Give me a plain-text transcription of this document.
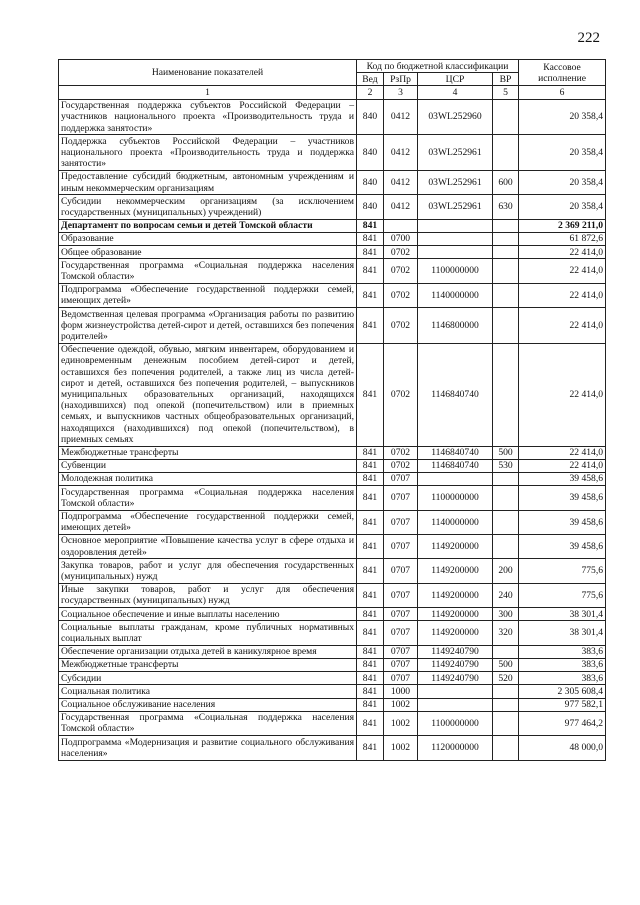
222
Наименование показателей	Код по бюджетной классификации				Кассовое исполнение
	Вед	РзПр	ЦСР	ВР	
1	2	3	4	5	6
Государственная поддержка субъектов Российской Федерации – участников национального проекта «Производительность труда и поддержка занятости»	840	0412	03WL252960		20 358,4
Поддержка субъектов Российской Федерации – участников национального проекта «Производительность труда и поддержка занятости»	840	0412	03WL252961		20 358,4
Предоставление субсидий бюджетным, автономным учреждениям и иным некоммерческим организациям	840	0412	03WL252961	600	20 358,4
Субсидии некоммерческим организациям (за исключением государственных (муниципальных) учреждений)	840	0412	03WL252961	630	20 358,4
Департамент по вопросам семьи и детей Томской области	841				2 369 211,0
Образование	841	0700			61 872,6
Общее образование	841	0702			22 414,0
Государственная программа «Социальная поддержка населения Томской области»	841	0702	1100000000		22 414,0
Подпрограмма «Обеспечение государственной поддержки семей, имеющих детей»	841	0702	1140000000		22 414,0
Ведомственная целевая программа «Организация работы по развитию форм жизнеустройства детей-сирот и детей, оставшихся без попечения родителей»	841	0702	1146800000		22 414,0
Обеспечение одеждой, обувью, мягким инвентарем, оборудованием и единовременным денежным пособием детей-сирот и детей, оставшихся без попечения родителей, а также лиц из числа детей-сирот и детей, оставшихся без попечения родителей, – выпускников муниципальных образовательных организаций, находящихся (находившихся) под опекой (попечительством) или в приемных семьях, и выпускников частных общеобразовательных организаций, находящихся (находившихся) под опекой (попечительством), в приемных семьях	841	0702	1146840740		22 414,0
Межбюджетные трансферты	841	0702	1146840740	500	22 414,0
Субвенции	841	0702	1146840740	530	22 414,0
Молодежная политика	841	0707			39 458,6
Государственная программа «Социальная поддержка населения Томской области»	841	0707	1100000000		39 458,6
Подпрограмма «Обеспечение государственной поддержки семей, имеющих детей»	841	0707	1140000000		39 458,6
Основное мероприятие «Повышение качества услуг в сфере отдыха и оздоровления детей»	841	0707	1149200000		39 458,6
Закупка товаров, работ и услуг для обеспечения государственных (муниципальных) нужд	841	0707	1149200000	200	775,6
Иные закупки товаров, работ и услуг для обеспечения государственных (муниципальных) нужд	841	0707	1149200000	240	775,6
Социальное обеспечение и иные выплаты населению	841	0707	1149200000	300	38 301,4
Социальные выплаты гражданам, кроме публичных нормативных социальных выплат	841	0707	1149200000	320	38 301,4
Обеспечение организации отдыха детей в каникулярное время	841	0707	1149240790		383,6
Межбюджетные трансферты	841	0707	1149240790	500	383,6
Субсидии	841	0707	1149240790	520	383,6
Социальная политика	841	1000			2 305 608,4
Социальное обслуживание населения	841	1002			977 582,1
Государственная программа «Социальная поддержка населения Томской области»	841	1002	1100000000		977 464,2
Подпрограмма «Модернизация и развитие социального обслуживания населения»	841	1002	1120000000		48 000,0
